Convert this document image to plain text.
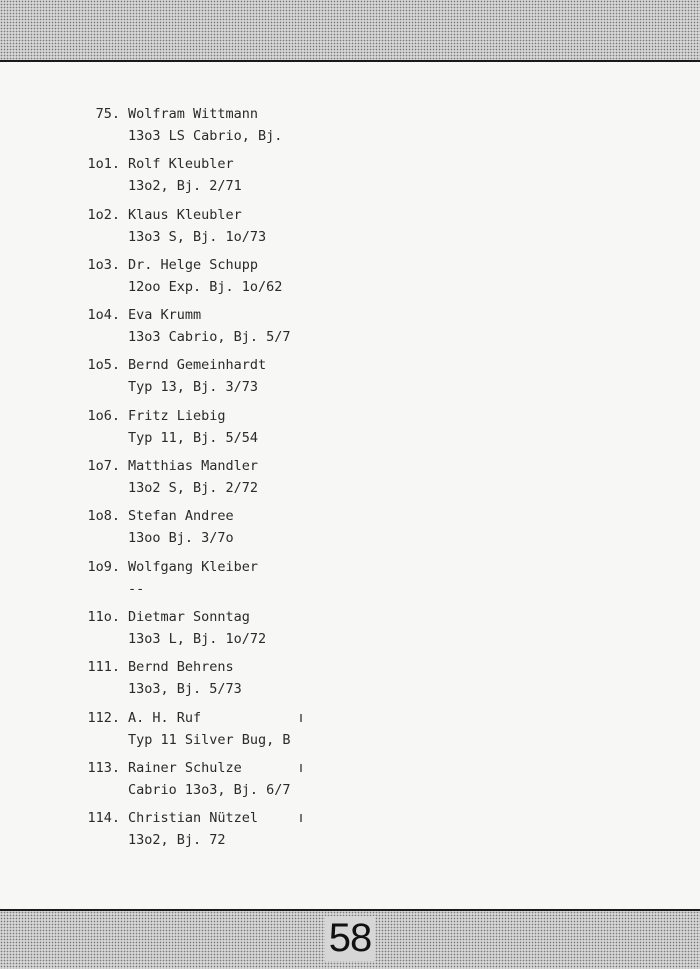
75. Wolfram Wittmann
13o3 LS Cabrio, Bj.
1o1. Rolf Kleubler
13o2, Bj. 2/71
1o2. Klaus Kleubler
13o3 S, Bj. 1o/73
1o3. Dr. Helge Schupp
12oo Exp. Bj. 1o/62
1o4. Eva Krumm
13o3 Cabrio, Bj. 5/7
1o5. Bernd Gemeinhardt
Typ 13, Bj. 3/73
1o6. Fritz Liebig
Typ 11, Bj. 5/54
1o7. Matthias Mandler
13o2 S, Bj. 2/72
1o8. Stefan Andree
13oo Bj. 3/7o
1o9. Wolfgang Kleiber
--
11o. Dietmar Sonntag
13o3 L, Bj. 1o/72
111. Bernd Behrens
13o3, Bj. 5/73
112. A. H. Ruf
Typ 11 Silver Bug, B
113. Rainer Schulze
Cabrio 13o3, Bj. 6/7
114. Christian Nützel
13o2, Bj. 72
58
